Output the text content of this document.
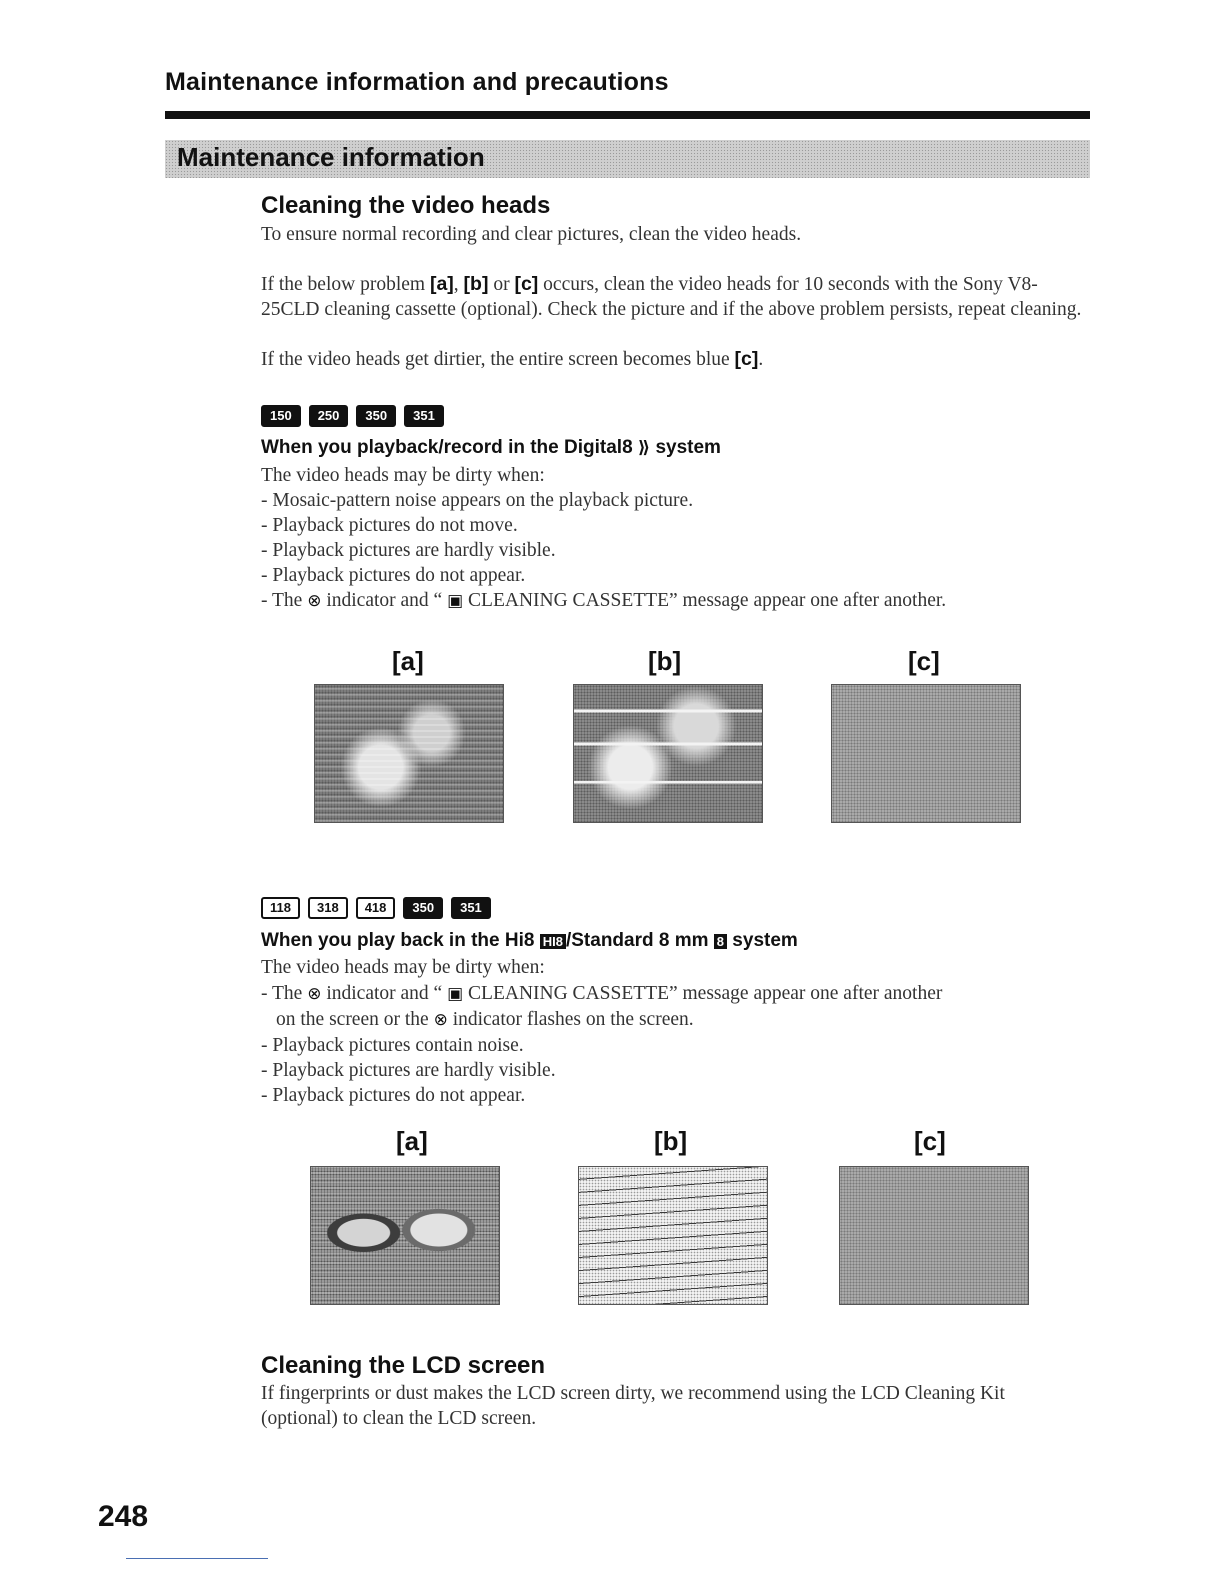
Maintenance information and precautions
Maintenance information
Cleaning the video heads

To ensure normal recording and clear pictures, clean the video heads.

If the below problem [a], [b] or [c] occurs, clean the video heads for 10 seconds with the Sony V8-25CLD cleaning cassette (optional). Check the picture and if the above problem persists, repeat cleaning.

If the video heads get dirtier, the entire screen becomes blue [c].

150	250	350	351
When you playback/record in the Digital8 ⟫ system

The video heads may be dirty when:

- Mosaic-pattern noise appears on the playback picture.
- Playback pictures do not move.
- Playback pictures are hardly visible.
- Playback pictures do not appear.
- The ⊗ indicator and “ ▣ CLEANING CASSETTE” message appear one after another.
[a]	[b]	[c]
118	318	418	350	351
When you play back in the Hi8 HI8 /Standard 8 mm 8 system

The video heads may be dirty when:

- The ⊗ indicator and “ ▣ CLEANING CASSETTE” message appear one after another
on the screen or the ⊗ indicator flashes on the screen.
- Playback pictures contain noise.
- Playback pictures are hardly visible.
- Playback pictures do not appear.
[a]	[b]	[c]
Cleaning the LCD screen

If fingerprints or dust makes the LCD screen dirty, we recommend using the LCD Cleaning Kit (optional) to clean the LCD screen.

248
